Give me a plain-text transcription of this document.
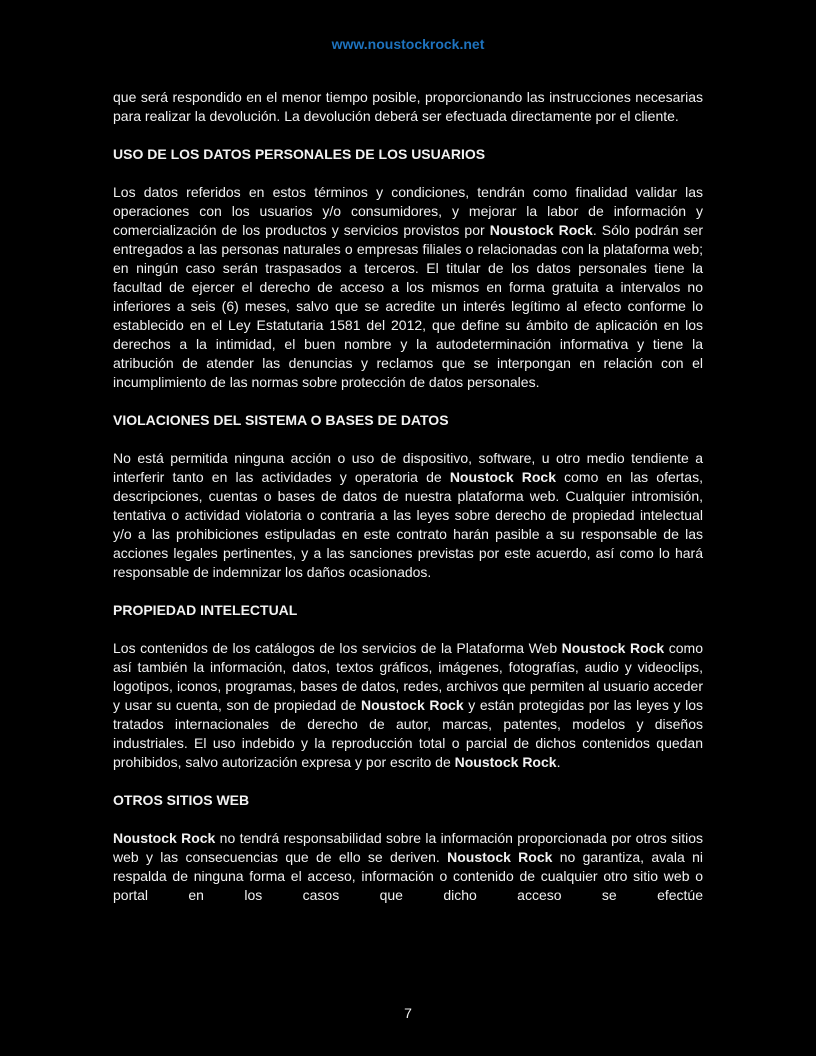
www.noustockrock.net
que será respondido en el menor tiempo posible, proporcionando las instrucciones necesarias para realizar la devolución. La devolución deberá ser efectuada directamente por el cliente.
USO DE LOS DATOS PERSONALES DE LOS USUARIOS
Los datos referidos en estos términos y condiciones, tendrán como finalidad validar las operaciones con los usuarios y/o consumidores, y mejorar la labor de información y comercialización de los productos y servicios provistos por Noustock Rock. Sólo podrán ser entregados a las personas naturales o empresas filiales o relacionadas con la plataforma web; en ningún caso serán traspasados a terceros. El titular de los datos personales tiene la facultad de ejercer el derecho de acceso a los mismos en forma gratuita a intervalos no inferiores a seis (6) meses, salvo que se acredite un interés legítimo al efecto conforme lo establecido en el Ley Estatutaria 1581 del 2012, que define su ámbito de aplicación en los derechos a la intimidad, el buen nombre y la autodeterminación informativa y tiene la atribución de atender las denuncias y reclamos que se interpongan en relación con el incumplimiento de las normas sobre protección de datos personales.
VIOLACIONES DEL SISTEMA O BASES DE DATOS
No está permitida ninguna acción o uso de dispositivo, software, u otro medio tendiente a interferir tanto en las actividades y operatoria de Noustock Rock como en las ofertas, descripciones, cuentas o bases de datos de nuestra plataforma web. Cualquier intromisión, tentativa o actividad violatoria o contraria a las leyes sobre derecho de propiedad intelectual y/o a las prohibiciones estipuladas en este contrato harán pasible a su responsable de las acciones legales pertinentes, y a las sanciones previstas por este acuerdo, así como lo hará responsable de indemnizar los daños ocasionados.
PROPIEDAD INTELECTUAL
Los contenidos de los catálogos de los servicios de la Plataforma Web Noustock Rock como así también la información, datos, textos gráficos, imágenes, fotografías, audio y videoclips, logotipos, iconos, programas, bases de datos, redes, archivos que permiten al usuario acceder y usar su cuenta, son de propiedad de Noustock Rock y están protegidas por las leyes y los tratados internacionales de derecho de autor, marcas, patentes, modelos y diseños industriales. El uso indebido y la reproducción total o parcial de dichos contenidos quedan prohibidos, salvo autorización expresa y por escrito de Noustock Rock.
OTROS SITIOS WEB
Noustock Rock no tendrá responsabilidad sobre la información proporcionada por otros sitios web y las consecuencias que de ello se deriven. Noustock Rock no garantiza, avala ni respalda de ninguna forma el acceso, información o contenido de cualquier otro sitio web o portal en los casos que dicho acceso se efectúe
7
